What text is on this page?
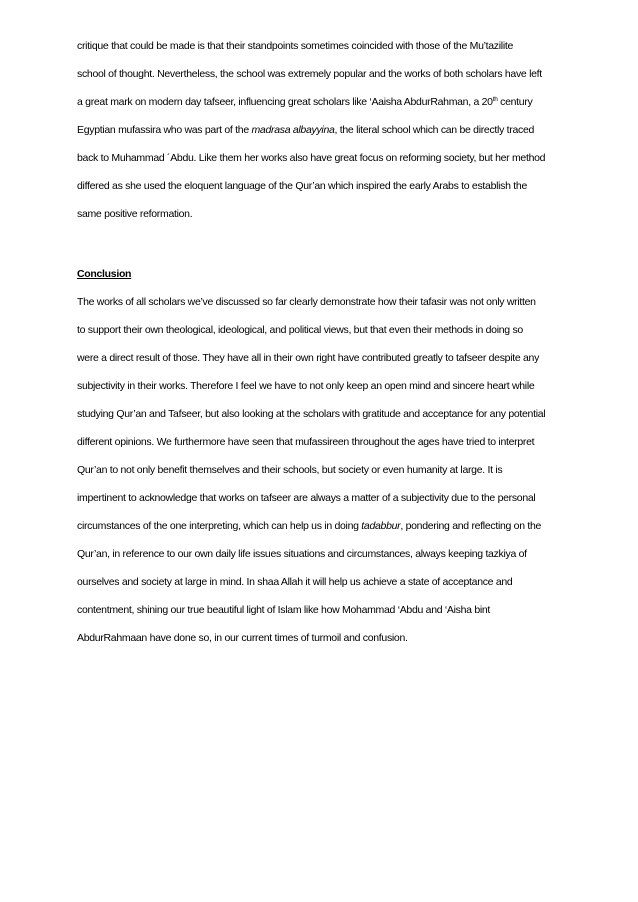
critique that could be made is that their standpoints sometimes coincided with those of the Mu’tazilite
school of thought. Nevertheless, the school was extremely popular and the works of both scholars have left
a great mark on modern day tafseer, influencing great scholars like ‘Aaisha AbdurRahman, a 20th century
Egyptian mufassira who was part of the madrasa albayyina, the literal school which can be directly traced
back to Muhammad ´Abdu. Like them her works also have great focus on reforming society, but her method
differed as she used the eloquent language of the Qur’an which inspired the early Arabs to establish the
same positive reformation.
Conclusion
The works of all scholars we’ve discussed so far clearly demonstrate how their tafasir was not only written
to support their own theological, ideological, and political views, but that even their methods in doing so
were a direct result of those. They have all in their own right have contributed greatly to tafseer despite any
subjectivity in their works. Therefore I feel we have to not only keep an open mind and sincere heart while
studying Qur’an and Tafseer, but also looking at the scholars with gratitude and acceptance for any potential
different opinions. We furthermore have seen that mufassireen throughout the ages have tried to interpret
Qur’an to not only benefit themselves and their schools, but society or even humanity at large. It is
impertinent to acknowledge that works on tafseer are always a matter of a subjectivity due to the personal
circumstances of the one interpreting, which can help us in doing tadabbur, pondering and reflecting on the
Qur’an, in reference to our own daily life issues situations and circumstances, always keeping tazkiya of
ourselves and society at large in mind. In shaa Allah it will help us achieve a state of acceptance and
contentment, shining our true beautiful light of Islam like how Mohammad ‘Abdu and ‘Aisha bint
AbdurRahmaan have done so, in our current times of turmoil and confusion.
